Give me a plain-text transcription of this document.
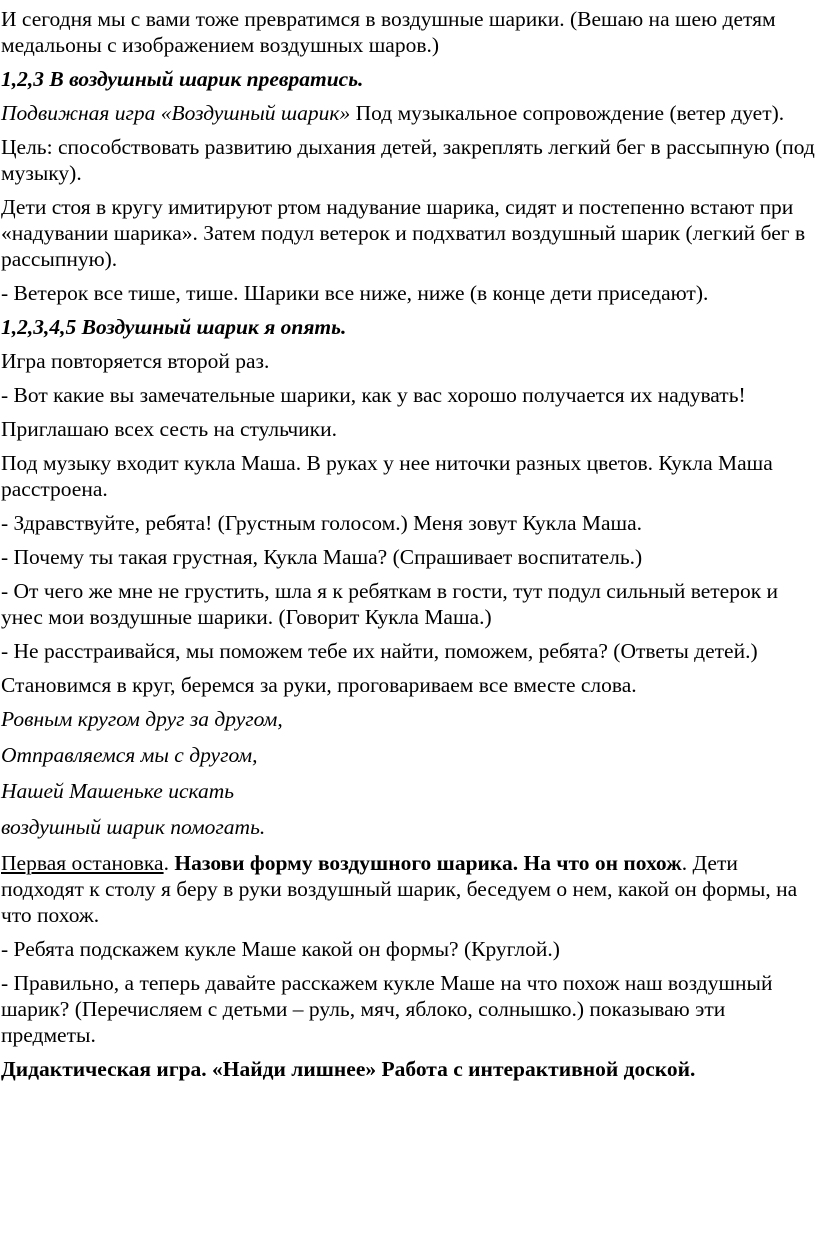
И сегодня мы с вами тоже превратимся в воздушные шарики. (Вешаю на шею детям медальоны с изображением воздушных шаров.)

1,2,3 В воздушный шарик превратись.

Подвижная игра «Воздушный шарик» Под музыкальное сопровождение (ветер дует).

Цель: способствовать развитию дыхания детей, закреплять легкий бег в рассыпную (под музыку).

Дети стоя в кругу имитируют ртом надувание шарика, сидят и постепенно встают при «надувании шарика». Затем подул ветерок и подхватил воздушный шарик (легкий бег в рассыпную).

- Ветерок все тише, тише. Шарики все ниже, ниже (в конце дети приседают).

1,2,3,4,5 Воздушный шарик я опять.

Игра повторяется второй раз.

- Вот какие вы замечательные шарики, как у вас хорошо получается их надувать!

Приглашаю всех сесть на стульчики.

Под музыку входит кукла Маша. В руках у нее ниточки разных цветов. Кукла Маша расстроена.

- Здравствуйте, ребята! (Грустным голосом.) Меня зовут Кукла Маша.

- Почему ты такая грустная, Кукла Маша? (Спрашивает воспитатель.)

- От чего же мне не грустить, шла я к ребяткам в гости, тут подул сильный ветерок и унес мои воздушные шарики. (Говорит Кукла Маша.)

- Не расстраивайся, мы поможем тебе их найти, поможем, ребята? (Ответы детей.)

Становимся в круг, беремся за руки, проговариваем все вместе слова.

Ровным кругом друг за другом,

Отправляемся мы с другом,

Нашей Машеньке искать

воздушный шарик помогать.

Первая остановка. Назови форму воздушного шарика. На что он похож. Дети подходят к столу я беру в руки воздушный шарик, беседуем о нем, какой он формы, на что похож.

- Ребята подскажем кукле Маше какой он формы? (Круглой.)

- Правильно, а теперь давайте расскажем кукле Маше на что похож наш воздушный шарик? (Перечисляем с детьми – руль, мяч, яблоко, солнышко.) показываю эти предметы.

Дидактическая игра. «Найди лишнее» Работа с интерактивной доской.
